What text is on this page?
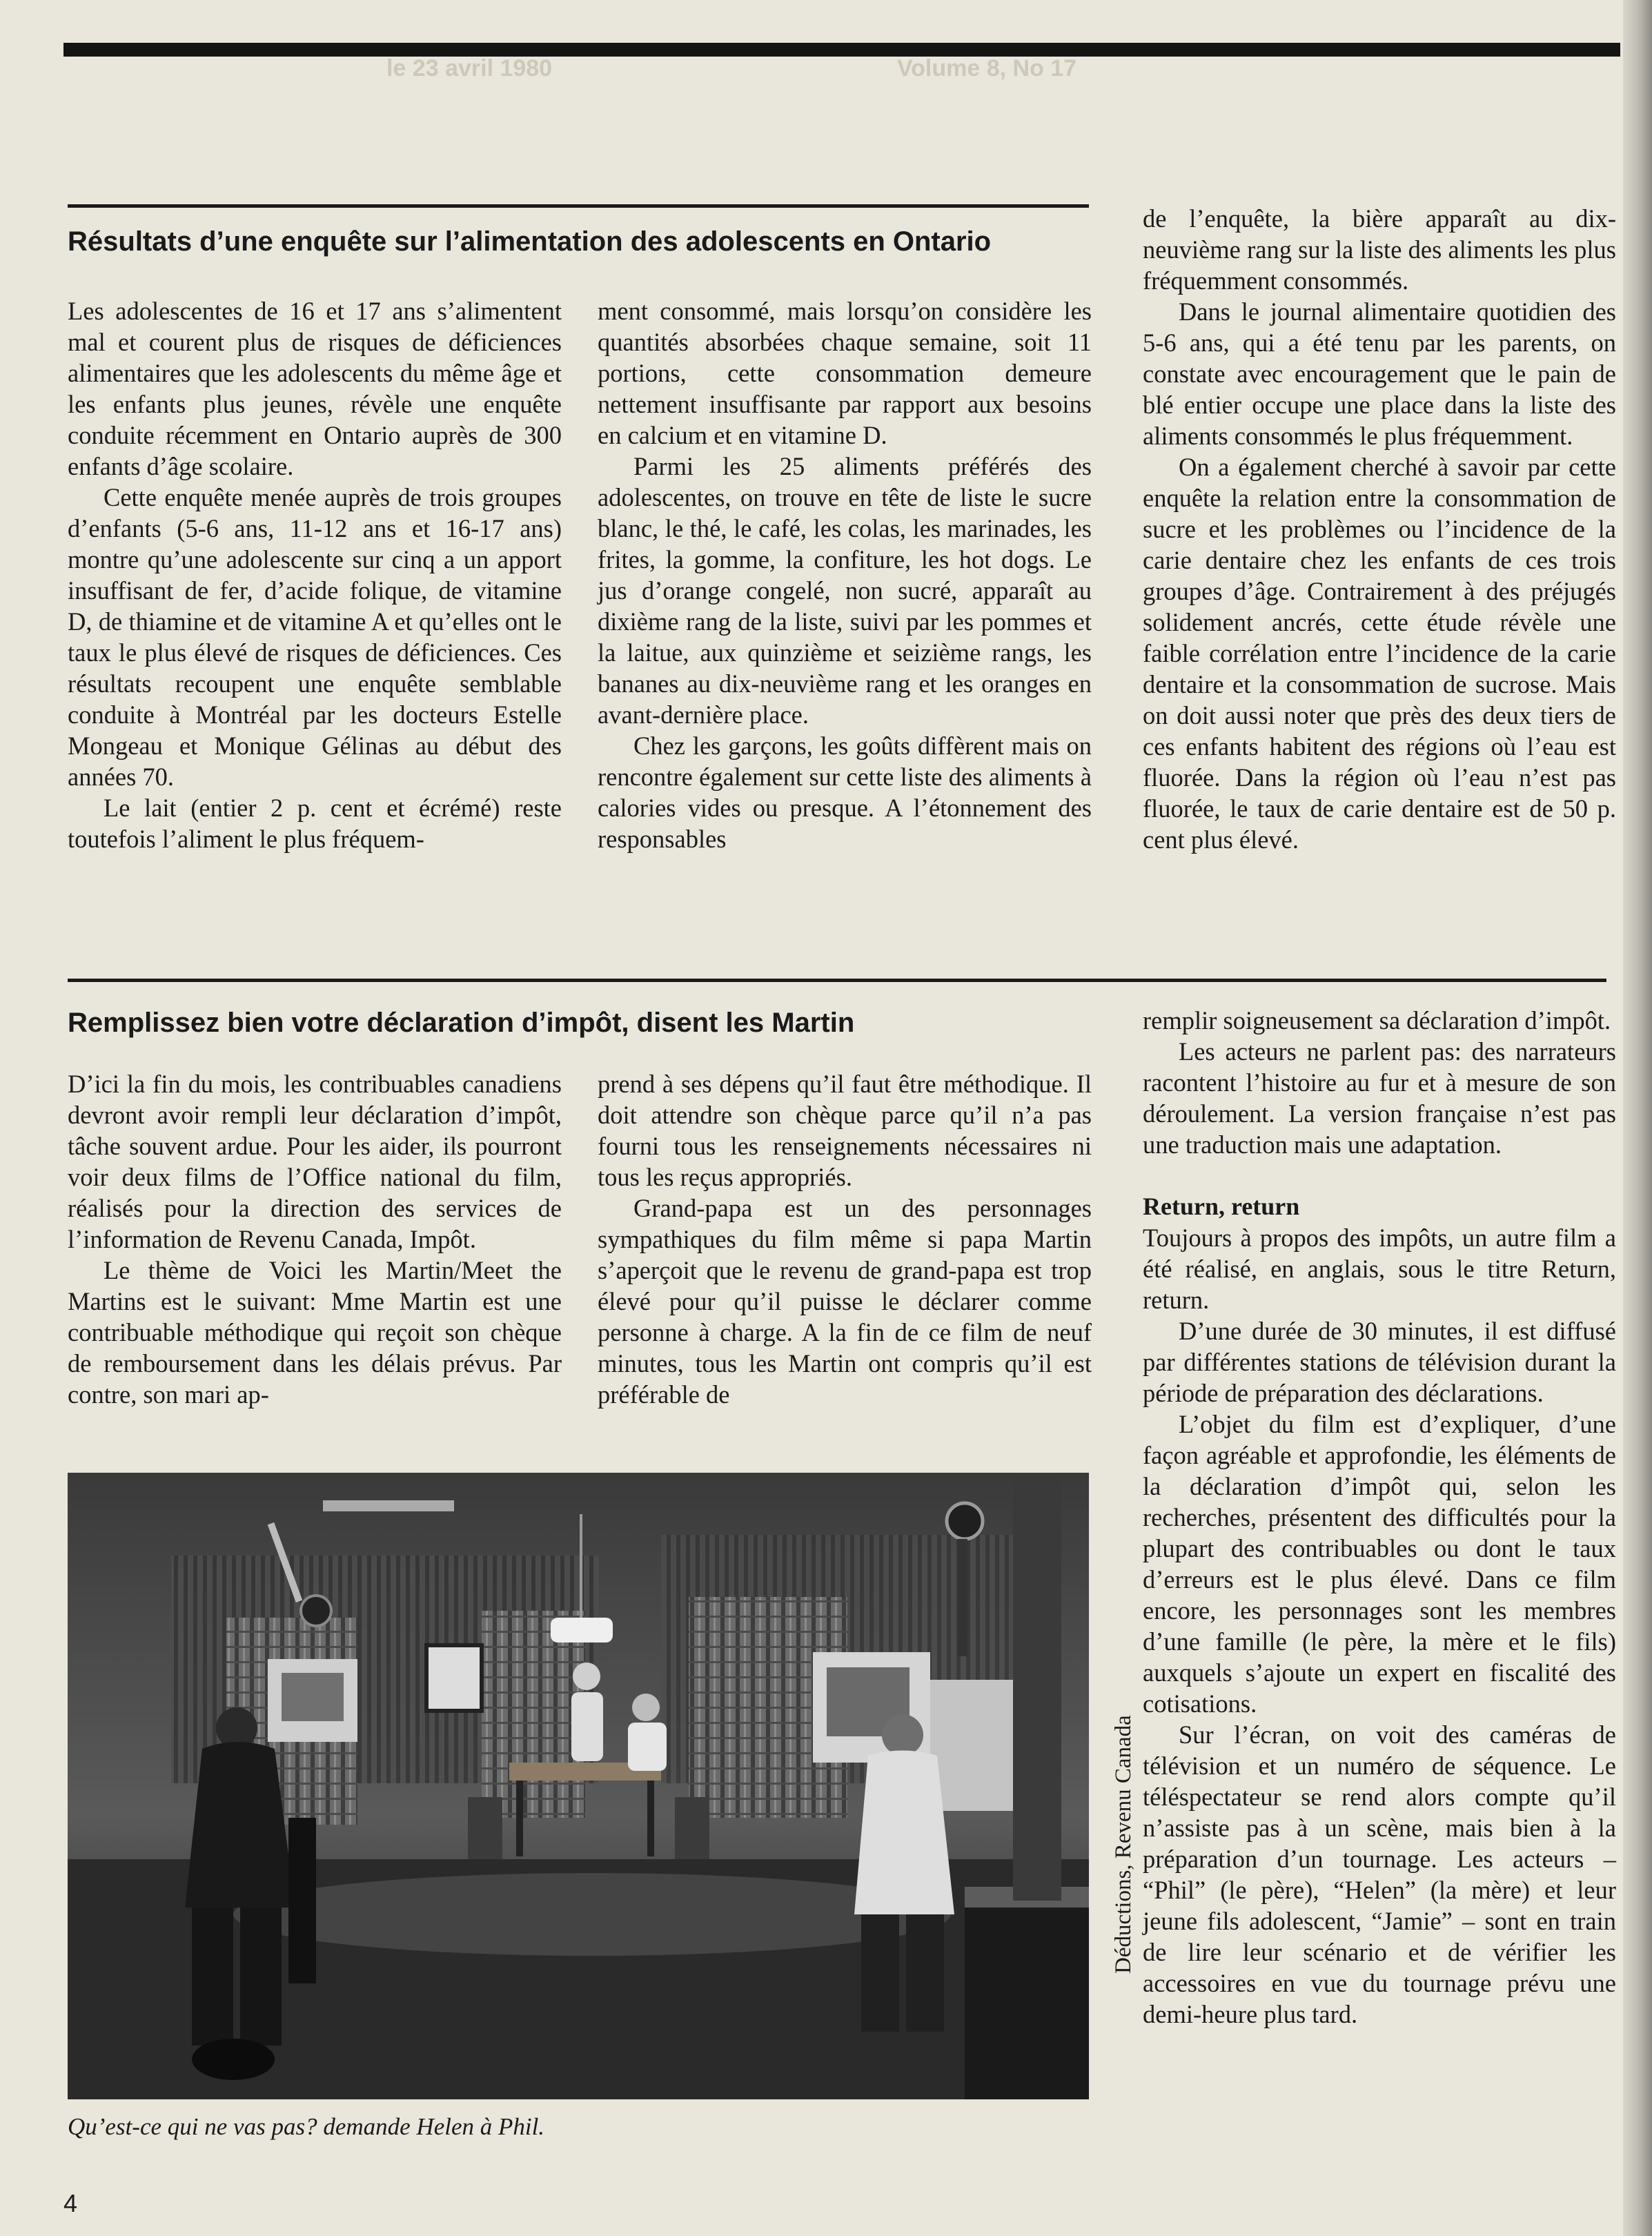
le 23 avril 1980	Volume 8, No 17
Résultats d’une enquête sur l’alimentation des adolescents en Ontario

Les adolescentes de 16 et 17 ans s’alimentent mal et courent plus de risques de déficiences alimentaires que les adolescents du même âge et les enfants plus jeunes, révèle une enquête conduite récemment en Ontario auprès de 300 enfants d’âge scolaire.

Cette enquête menée auprès de trois groupes d’enfants (5-6 ans, 11-12 ans et 16-17 ans) montre qu’une adolescente sur cinq a un apport insuffisant de fer, d’acide folique, de vitamine D, de thiamine et de vitamine A et qu’elles ont le taux le plus élevé de risques de déficiences. Ces résultats recoupent une enquête semblable conduite à Montréal par les docteurs Estelle Mongeau et Monique Gélinas au début des années 70.

Le lait (entier 2 p. cent et écrémé) reste toutefois l’aliment le plus fréquem-

ment consommé, mais lorsqu’on considère les quantités absorbées chaque semaine, soit 11 portions, cette consommation demeure nettement insuffisante par rapport aux besoins en calcium et en vitamine D.

Parmi les 25 aliments préférés des adolescentes, on trouve en tête de liste le sucre blanc, le thé, le café, les colas, les marinades, les frites, la gomme, la confiture, les hot dogs. Le jus d’orange congelé, non sucré, apparaît au dixième rang de la liste, suivi par les pommes et la laitue, aux quinzième et seizième rangs, les bananes au dix-neuvième rang et les oranges en avant-dernière place.

Chez les garçons, les goûts diffèrent mais on rencontre également sur cette liste des aliments à calories vides ou presque. A l’étonnement des responsables

de l’enquête, la bière apparaît au dix-neuvième rang sur la liste des aliments les plus fréquemment consommés.

Dans le journal alimentaire quotidien des 5-6 ans, qui a été tenu par les parents, on constate avec encouragement que le pain de blé entier occupe une place dans la liste des aliments consommés le plus fréquemment.

On a également cherché à savoir par cette enquête la relation entre la consommation de sucre et les problèmes ou l’incidence de la carie dentaire chez les enfants de ces trois groupes d’âge. Contrairement à des préjugés solidement ancrés, cette étude révèle une faible corrélation entre l’incidence de la carie dentaire et la consommation de sucrose. Mais on doit aussi noter que près des deux tiers de ces enfants habitent des régions où l’eau est fluorée. Dans la région où l’eau n’est pas fluorée, le taux de carie dentaire est de 50 p. cent plus élevé.

Remplissez bien votre déclaration d’impôt, disent les Martin

D’ici la fin du mois, les contribuables canadiens devront avoir rempli leur déclaration d’impôt, tâche souvent ardue. Pour les aider, ils pourront voir deux films de l’Office national du film, réalisés pour la direction des services de l’information de Revenu Canada, Impôt.

Le thème de Voici les Martin/Meet the Martins est le suivant: Mme Martin est une contribuable méthodique qui reçoit son chèque de remboursement dans les délais prévus. Par contre, son mari ap-

prend à ses dépens qu’il faut être méthodique. Il doit attendre son chèque parce qu’il n’a pas fourni tous les renseignements nécessaires ni tous les reçus appropriés.

Grand-papa est un des personnages sympathiques du film même si papa Martin s’aperçoit que le revenu de grand-papa est trop élevé pour qu’il puisse le déclarer comme personne à charge. A la fin de ce film de neuf minutes, tous les Martin ont compris qu’il est préférable de

remplir soigneusement sa déclaration d’impôt.

Les acteurs ne parlent pas: des narrateurs racontent l’histoire au fur et à mesure de son déroulement. La version française n’est pas une traduction mais une adaptation.

Return, return

Toujours à propos des impôts, un autre film a été réalisé, en anglais, sous le titre Return, return.

D’une durée de 30 minutes, il est diffusé par différentes stations de télévision durant la période de préparation des déclarations.

L’objet du film est d’expliquer, d’une façon agréable et approfondie, les éléments de la déclaration d’impôt qui, selon les recherches, présentent des difficultés pour la plupart des contribuables ou dont le taux d’erreurs est le plus élevé. Dans ce film encore, les personnages sont les membres d’une famille (le père, la mère et le fils) auxquels s’ajoute un expert en fiscalité des cotisations.

Sur l’écran, on voit des caméras de télévision et un numéro de séquence. Le téléspectateur se rend alors compte qu’il n’assiste pas à un scène, mais bien à la préparation d’un tournage. Les acteurs – “Phil” (le père), “Helen” (la mère) et leur jeune fils adolescent, “Jamie” – sont en train de lire leur scénario et de vérifier les accessoires en vue du tournage prévu une demi-heure plus tard.

Déductions, Revenu Canada
Qu’est-ce qui ne vas pas? demande Helen à Phil.
4
